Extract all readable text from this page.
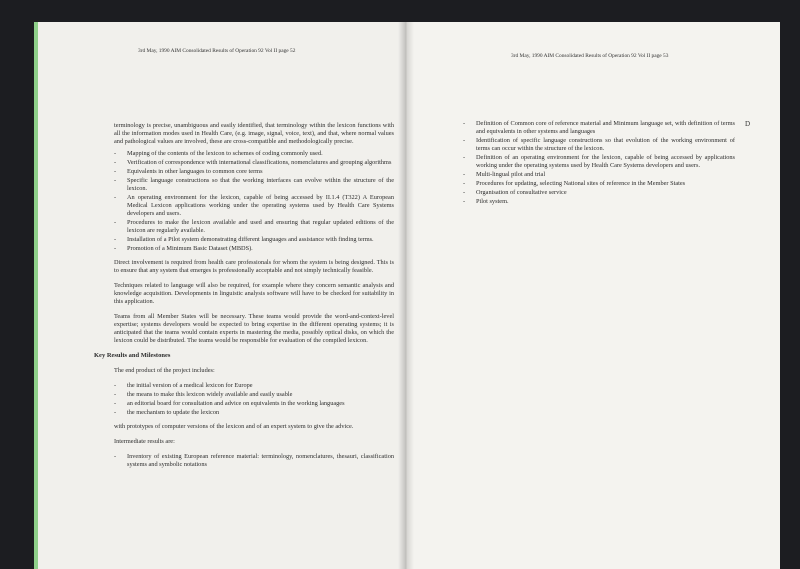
3rd May, 1990 AIM Consolidated Results of Operation 92 Vol II page 52

terminology is precise, unambiguous and easily identified, that terminology within the lexicon functions with all the information modes used in Health Care, (e.g. image, signal, voice, text), and that, where normal values and pathological values are involved, these are cross-compatible and methodologically precise.

- Mapping of the contents of the lexicon to schemes of coding commonly used.
- Verification of correspondence with international classifications, nomenclatures and grouping algorithms
- Equivalents in other languages to common core terms
- Specific language constructions so that the working interfaces can evolve within the structure of the lexicon.
- An operating environment for the lexicon, capable of being accessed by II.1.4 (T322) A European Medical Lexicon applications working under the operating systems used by Health Care Systems developers and users.
- Procedures to make the lexicon available and used and ensuring that regular updated editions of the lexicon are regularly available.
- Installation of a Pilot system demonstrating different languages and assistance with finding terms.
- Promotion of a Minimum Basic Dataset (MBDS).

Direct involvement is required from health care professionals for whom the system is being designed. This is to ensure that any system that emerges is professionally acceptable and not simply technically feasible.

Techniques related to language will also be required, for example where they concern semantic analysis and knowledge acquisition. Developments in linguistic analysis software will have to be checked for suitability in this application.

Teams from all Member States will be necessary. These teams would provide the word-and-context-level expertise; systems developers would be expected to bring expertise in the different operating systems; it is anticipated that the teams would contain experts in mastering the media, possibly optical disks, on which the lexicon could be distributed. The teams would be responsible for evaluation of the compiled lexicon.

Key Results and Milestones

The end product of the project includes:

- the initial version of a medical lexicon for Europe
- the means to make this lexicon widely available and easily usable
- an editorial board for consultation and advice on equivalents in the working languages
- the mechanism to update the lexicon

with prototypes of computer versions of the lexicon and of an expert system to give the advice.

Intermediate results are:

- Inventory of existing European reference material: terminology, nomenclatures, thesauri, classification systems and symbolic notations
3rd May, 1990 AIM Consolidated Results of Operation 92 Vol II page 53
D
- Definition of Common core of reference material and Minimum language set, with definition of terms and equivalents in other systems and languages
- Identification of specific language constructions so that evolution of the working environment of terms can occur within the structure of the lexicon.
- Definition of an operating environment for the lexicon, capable of being accessed by applications working under the operating systems used by Health Care Systems developers and users.
- Multi-lingual pilot and trial
- Procedures for updating, selecting National sites of reference in the Member States
- Organisation of consultative service
- Pilot system.
